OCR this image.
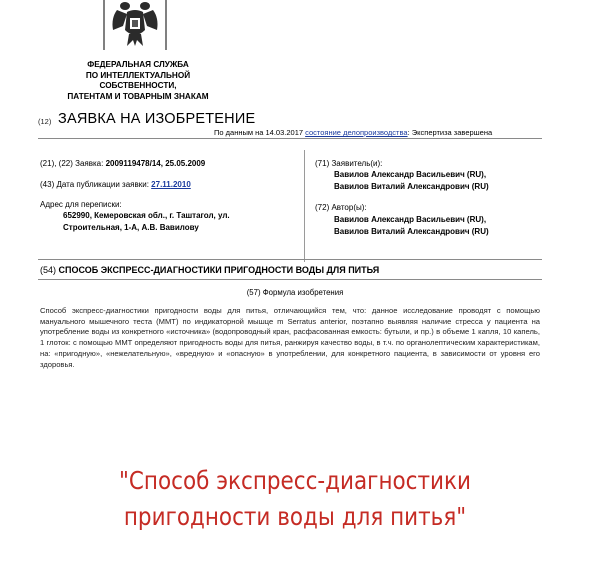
ФЕДЕРАЛЬНАЯ СЛУЖБА
ПО ИНТЕЛЛЕКТУАЛЬНОЙ
СОБСТВЕННОСТИ,
ПАТЕНТАМ И ТОВАРНЫМ ЗНАКАМ
(12) ЗАЯВКА НА ИЗОБРЕТЕНИЕ
По данным на 14.03.2017 состояние делопроизводства: Экспертиза завершена
(21), (22) Заявка: 2009119478/14, 25.05.2009
(43) Дата публикации заявки: 27.11.2010
Адрес для переписки:
652990, Кемеровская обл., г. Таштагол, ул.
Строительная, 1-А, А.В. Вавилову
(71) Заявитель(и):
Вавилов Александр Васильевич (RU),
Вавилов Виталий Александрович (RU)
(72) Автор(ы):
Вавилов Александр Васильевич (RU),
Вавилов Виталий Александрович (RU)
(54) СПОСОБ ЭКСПРЕСС-ДИАГНОСТИКИ ПРИГОДНОСТИ ВОДЫ ДЛЯ ПИТЬЯ
(57) Формула изобретения
Способ экспресс-диагностики пригодности воды для питья, отличающийся тем, что: данное исследование проводят с помощью мануального мышечного теста (ММТ) по индикаторной мышце m Serratus anterior, поэтапно выявляя наличие стресса у пациента на употребление воды из конкретного «источника» (водопроводный кран, расфасованная емкость: бутыли, и пр.) в объеме 1 капля, 10 капель, 1 глоток: с помощью ММТ определяют пригодность воды для питья, ранжируя качество воды, в т.ч. по органолептическим характеристикам, на: «пригодную», «нежелательную», «вредную» и «опасную» в употреблении, для конкретного пациента, в зависимости от уровня его здоровья.
"Способ экспресс-диагностики
пригодности воды для питья"
